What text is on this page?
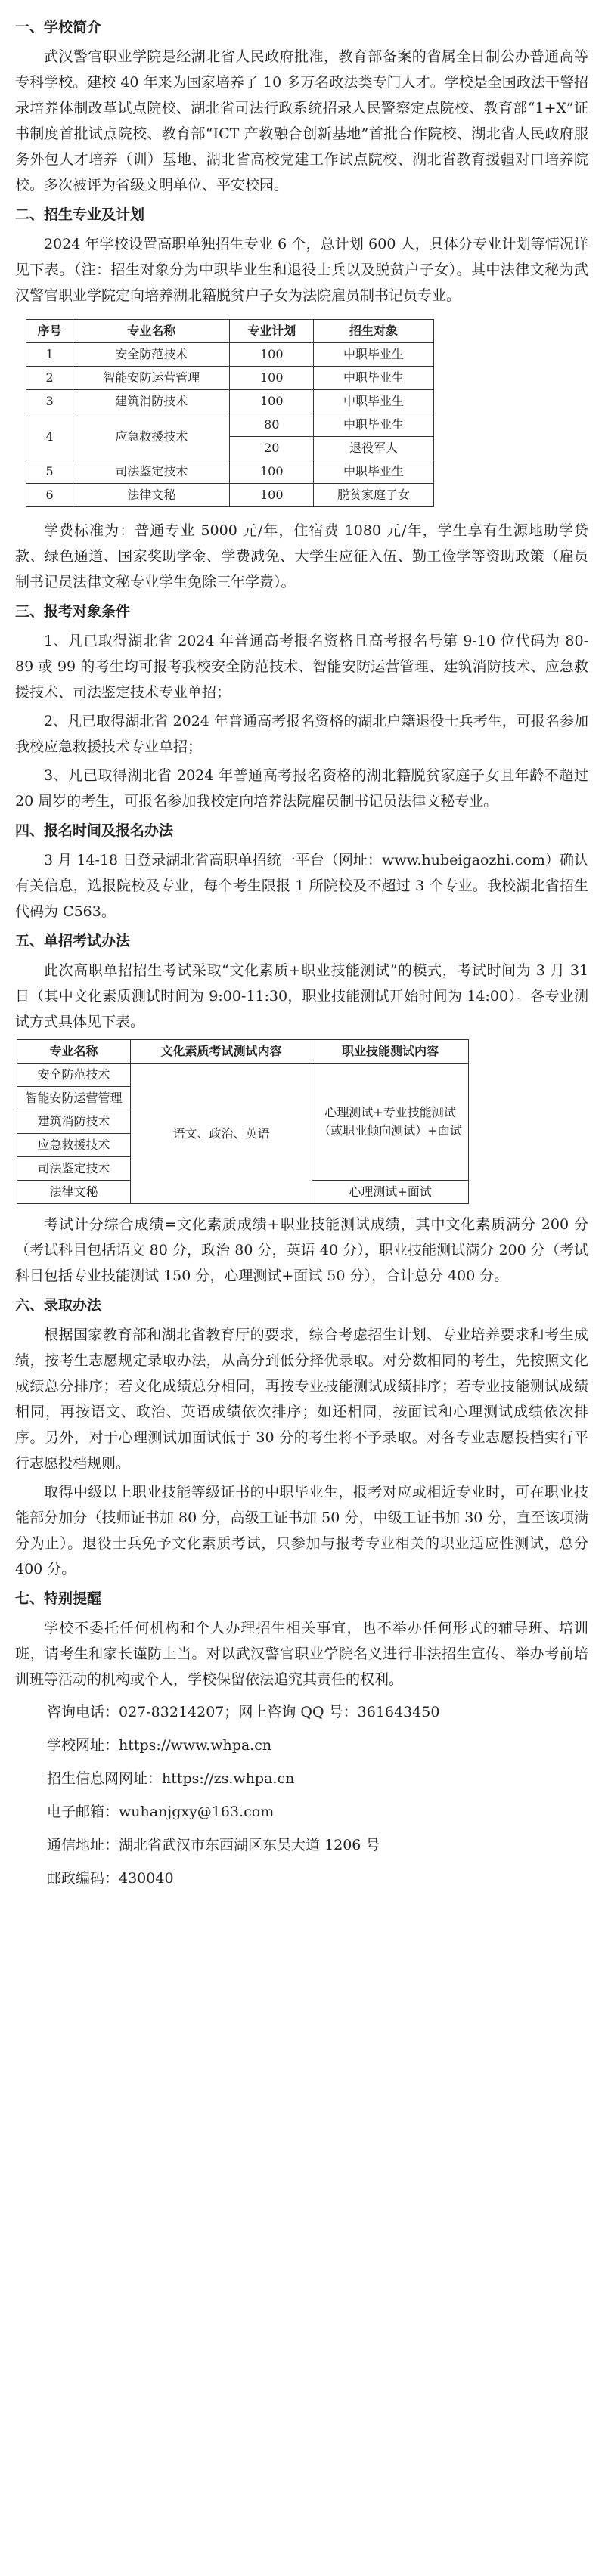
一、学校简介

武汉警官职业学院是经湖北省人民政府批准，教育部备案的省属全日制公办普通高等专科学校。建校 40 年来为国家培养了 10 多万名政法类专门人才。学校是全国政法干警招录培养体制改革试点院校、湖北省司法行政系统招录人民警察定点院校、教育部“1+X”证书制度首批试点院校、教育部“ICT 产教融合创新基地”首批合作院校、湖北省人民政府服务外包人才培养（训）基地、湖北省高校党建工作试点院校、湖北省教育援疆对口培养院校。多次被评为省级文明单位、平安校园。

二、招生专业及计划

2024 年学校设置高职单独招生专业 6 个，总计划 600 人，具体分专业计划等情况详见下表。（注：招生对象分为中职毕业生和退役士兵以及脱贫户子女）。其中法律文秘为武汉警官职业学院定向培养湖北籍脱贫户子女为法院雇员制书记员专业。

序号	专业名称	专业计划	招生对象
1	安全防范技术	100	中职毕业生
2	智能安防运营管理	100	中职毕业生
3	建筑消防技术	100	中职毕业生
4	应急救援技术	80	中职毕业生
		20	退役军人
5	司法鉴定技术	100	中职毕业生
6	法律文秘	100	脱贫家庭子女

学费标准为：普通专业 5000 元/年，住宿费 1080 元/年，学生享有生源地助学贷款、绿色通道、国家奖助学金、学费减免、大学生应征入伍、勤工俭学等资助政策（雇员制书记员法律文秘专业学生免除三年学费）。

三、报考对象条件

1、凡已取得湖北省 2024 年普通高考报名资格且高考报名号第 9-10 位代码为 80-89 或 99 的考生均可报考我校安全防范技术、智能安防运营管理、建筑消防技术、应急救援技术、司法鉴定技术专业单招；

2、凡已取得湖北省 2024 年普通高考报名资格的湖北户籍退役士兵考生，可报名参加我校应急救援技术专业单招；

3、凡已取得湖北省 2024 年普通高考报名资格的湖北籍脱贫家庭子女且年龄不超过 20 周岁的考生，可报名参加我校定向培养法院雇员制书记员法律文秘专业。

四、报名时间及报名办法

3 月 14-18 日登录湖北省高职单招统一平台（网址：www.hubeigaozhi.com）确认有关信息，选报院校及专业，每个考生限报 1 所院校及不超过 3 个专业。我校湖北省招生代码为 C563。

五、单招考试办法

此次高职单招招生考试采取“文化素质+职业技能测试”的模式，考试时间为 3 月 31 日（其中文化素质测试时间为 9:00-11:30，职业技能测试开始时间为 14:00）。各专业测试方式具体见下表。

专业名称	文化素质考试测试内容	职业技能测试内容
安全防范技术	语文、政治、英语	心理测试+专业技能测试（或职业倾向测试）+面试
智能安防运营管理		
建筑消防技术		
应急救援技术		
司法鉴定技术		
法律文秘		心理测试+面试

考试计分综合成绩=文化素质成绩+职业技能测试成绩，其中文化素质满分 200 分（考试科目包括语文 80 分，政治 80 分，英语 40 分），职业技能测试满分 200 分（考试科目包括专业技能测试 150 分，心理测试+面试 50 分），合计总分 400 分。

六、录取办法

根据国家教育部和湖北省教育厅的要求，综合考虑招生计划、专业培养要求和考生成绩，按考生志愿规定录取办法，从高分到低分择优录取。对分数相同的考生，先按照文化成绩总分排序；若文化成绩总分相同，再按专业技能测试成绩排序；若专业技能测试成绩相同，再按语文、政治、英语成绩依次排序；如还相同，按面试和心理测试成绩依次排序。另外，对于心理测试加面试低于 30 分的考生将不予录取。对各专业志愿投档实行平行志愿投档规则。

取得中级以上职业技能等级证书的中职毕业生，报考对应或相近专业时，可在职业技能部分加分（技师证书加 80 分，高级工证书加 50 分，中级工证书加 30 分，直至该项满分为止）。退役士兵免予文化素质考试，只参加与报考专业相关的职业适应性测试，总分 400 分。

七、特别提醒

学校不委托任何机构和个人办理招生相关事宜，也不举办任何形式的辅导班、培训班，请考生和家长谨防上当。对以武汉警官职业学院名义进行非法招生宣传、举办考前培训班等活动的机构或个人，学校保留依法追究其责任的权利。

咨询电话：027-83214207；网上咨询 QQ 号：361643450

学校网址：https://www.whpa.cn

招生信息网网址：https://zs.whpa.cn

电子邮箱：wuhanjgxy@163.com

通信地址：湖北省武汉市东西湖区东吴大道 1206 号

邮政编码：430040
